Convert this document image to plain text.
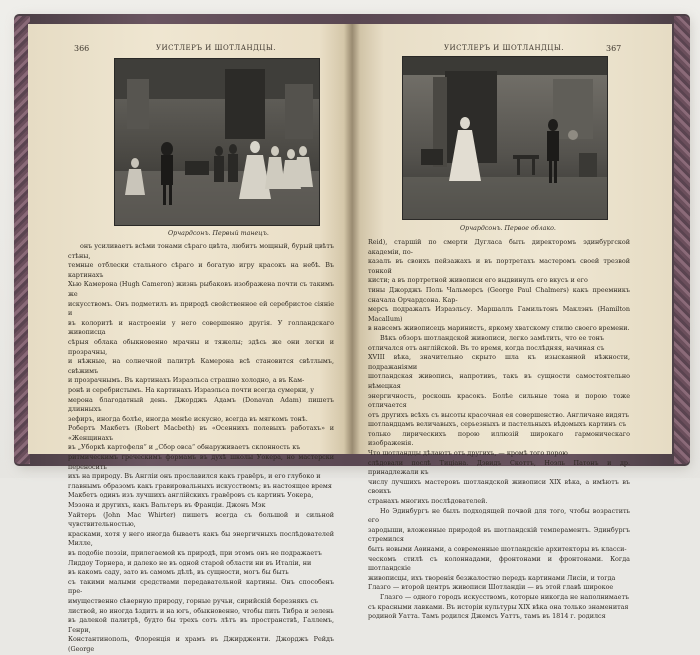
366	УИСТЛЕРЪ И ШОТЛАНДЦЫ.
Орчардсонъ. Первый танецъ.

онъ усиливаетъ всѣми тонами сѣраго цвѣта, любитъ мощный, бурый цвѣтъ стѣны,

темные отблески стального сѣраго и богатую игру красокъ на небѣ. Въ картинахъ

Хью Камерона (Hugh Cameron) жизнь рыбаковъ изображена почти съ такимъ же

искусствомъ. Онъ подметилъ въ природѣ свойственное ей серебристое сіяніе и

въ колоритѣ и настроеніи у него совершенно другія. У голландскаго живописца

сѣрыя облака обыкновенно мрачны и тяжелы; здѣсь же они легки и прозрачны,

и нѣжные, на солнечной палитрѣ Камерона всѣ становится свѣтлымъ, свѣжимъ

и прозрачнымъ. Въ картинахъ Израэльса страшно холодно, а въ Кам-

ронѣ и серебристымъ. На картинахъ Израэльса почти всегда сумерки, у

мерона благодатный день. Джорджъ Адамъ (Donavan Adam) пишетъ длинныхъ

зефиръ, иногда болѣе, иногда менѣе искусно, всегда въ мягкомъ тонѣ.

Робертъ Макбетъ (Robert Macbeth) въ «Осеннихъ полевыхъ работахъ» и «Женщинахъ

въ „Уборкѣ картофеля“ и „Сбор овса“ обнаруживаетъ склонность къ

ритмическимъ греческимъ формамъ въ духѣ школы Уокера, но мастерски переносить

ихъ на природу. Въ Англіи онъ прославился какъ гравёръ, и его глубоко и

главнымъ образомъ какъ гравировальныхъ искусствомъ; въ настоящее время

Макбетъ одинъ изъ лучшихъ англійскихъ гравёровъ съ картинъ Уокера,

Мэзона и другихъ, какъ Вальтеръ въ Франціи. Джонъ Мэк

Уайтеръ (John Mac Whirter) пишетъ всегда съ большой и сильной чувствительностью,

красками, хотя у него иногда бываетъ какъ бы энергичныхъ послѣдователей Милле,

въ подобіе поэзіи, прилегаемой къ природѣ, при этомъ онъ не подражаетъ

Лиддоу Торнера, и далеко не въ одной старой области ни въ Италіи, ни

въ какомъ саду, зато въ самомъ дѣлѣ, въ сущности, могъ бы быть

съ такими малыми средствами передавательной картины. Онъ способенъ пре-

имущественно сѣверную природу, горные ручьи, сирийскій березнякъ съ

листвой, но иногда ѣздитъ и на югъ, обыкновенно, чтобы пить Тибра и зелень

въ далекой палитрѣ, будто бы трехъ сотъ лѣтъ въ пространствѣ, Галлемъ, Генри,

Константинополь, Флоренція и храмъ въ Джирдженти. Джорджъ Рейдъ (George

УИСТЛЕРЪ И ШОТЛАНДЦЫ.	367
Орчардсонъ. Первое облако.

Reid), старшій по смерти Дугласа быть директоромъ эдинбургской академіи, по-

казалъ въ своихъ пейзажахъ и въ портретахъ мастеромъ своей трезвой тонкой

кисти; а въ портретной живописи его выдвинулъ его вкусъ и его

тины Джорджъ Поль Чальмерсъ (George Paul Chalmers) какъ преемникъ сначала Орчардсона. Кар-

мерсъ подражалъ Израэльсу. Маршаллъ Гамильтонъ Маклэнъ (Hamilton Macallum)

в навсемъ живописецъ маринистъ, яркому хватскому стилю своего времени.

Вѣкъ обзоръ шотландской живописи, легко замѣтить, что ее тонъ

отличался отъ англійской. Въ то время, когда послѣдняя, начиная съ

XVIII вѣка, значительно скрыто шла къ изысканной нѣжности, подражаніями

шотландская живопись, напротивъ, такъ въ сущности самостоятельно нѣмецкая

энергичность, роскошь красокъ. Болѣе сильные тона и порою тоже отличается

отъ другихъ всѣхъ съ высоты красочная ея совершенство. Англичане видятъ

шотландцамъ величавыхъ, серьезныхъ и пастельныхъ вѣдомыхъ картинъ съ

только лирическихъ порою иллюзій широкаго гармоническаго изображенія.

Что шотландцы дѣлаютъ отъ другихъ, — кромѣ того порою

слѣдовали послѣ Тиціана. Дэвидъ Скоттъ, Ноэль Патонъ и др. принадлежали къ

числу лучшихъ мастеровъ шотландской живописи XIX вѣка, а имѣютъ въ своихъ

странахъ многихъ послѣдователей.

Но Эдинбургъ не былъ подходящей почвой для того, чтобы возрастить его

зародыши, вложенные природой въ шотландскій темпераментъ. Эдинбургъ стремился

быть новыми Аѳинами, а современные шотландскіе архитекторы въ класси-

ческомъ стилѣ съ колоннадами, фронтонами и фронтонами. Когда шотландскіе

живописцы, ихъ творенія безжалостно передъ картинами Лисіи, и тогда

Глазго — второй центръ живописи Шотландіи — въ этой главѣ широкое

Глазго — одного городъ искусствомъ, которые никогда не наполнимаетъ

съ красными лавками. Въ исторіи культуры XIX вѣка она только знаменитая

родиной Уатта. Тамъ родился Джемсъ Уаттъ, тамъ въ 1814 г. родился
